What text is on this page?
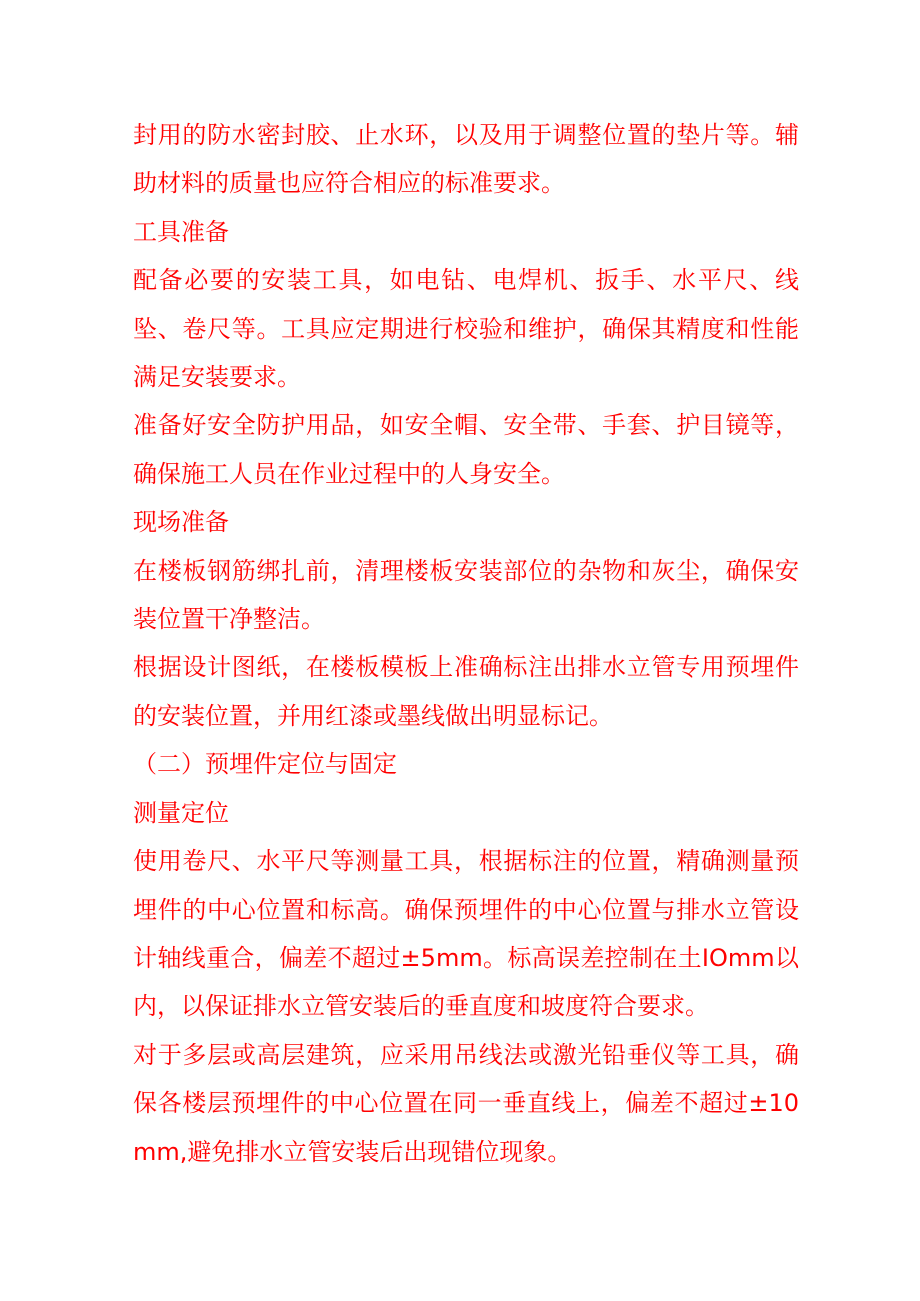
封用的防水密封胶、止水环，以及用于调整位置的垫片等。辅助材料的质量也应符合相应的标准要求。

工具准备

配备必要的安装工具，如电钻、电焊机、扳手、水平尺、线坠、卷尺等。工具应定期进行校验和维护，确保其精度和性能满足安装要求。

准备好安全防护用品，如安全帽、安全带、手套、护目镜等，确保施工人员在作业过程中的人身安全。

现场准备

在楼板钢筋绑扎前，清理楼板安装部位的杂物和灰尘，确保安装位置干净整洁。

根据设计图纸，在楼板模板上准确标注出排水立管专用预埋件的安装位置，并用红漆或墨线做出明显标记。

（二）预埋件定位与固定

测量定位

使用卷尺、水平尺等测量工具，根据标注的位置，精确测量预埋件的中心位置和标高。确保预埋件的中心位置与排水立管设计轴线重合，偏差不超过±5mm。标高误差控制在土IOmm以内，以保证排水立管安装后的垂直度和坡度符合要求。

对于多层或高层建筑，应采用吊线法或激光铅垂仪等工具，确保各楼层预埋件的中心位置在同一垂直线上，偏差不超过±10mm,避免排水立管安装后出现错位现象。
